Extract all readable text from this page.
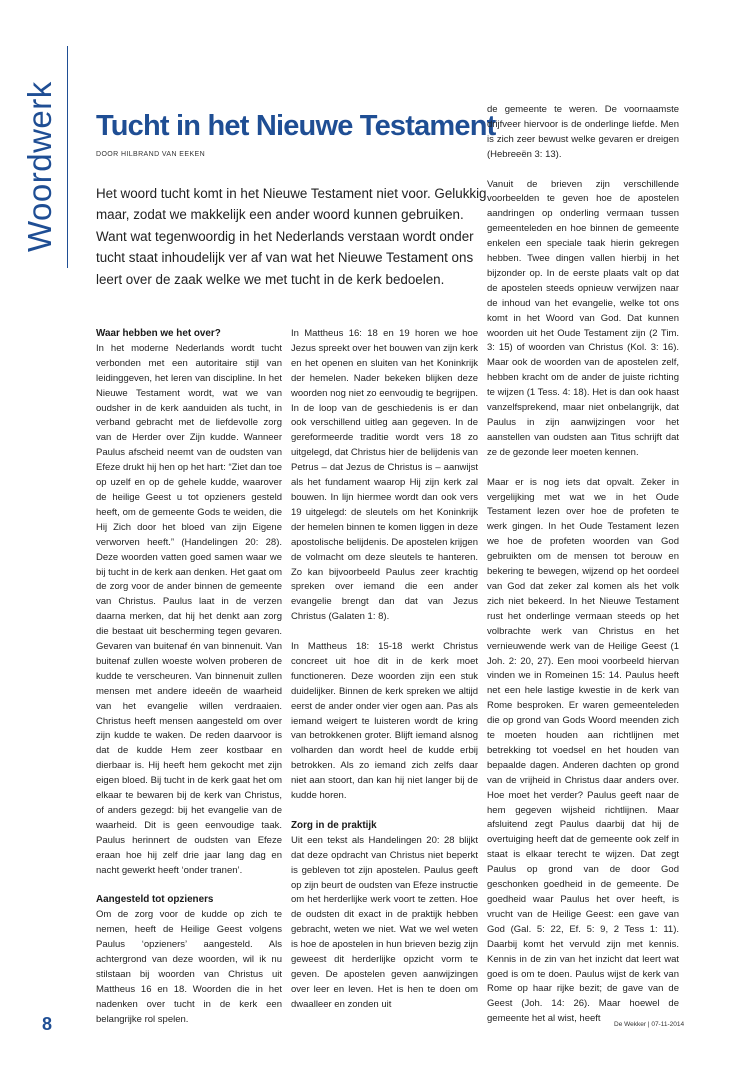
Woordwerk Tucht in het Nieuwe Testament
DOOR HILBRAND VAN EEKEN

Het woord tucht komt in het Nieuwe Testament niet voor. Gelukkig maar, zodat we makkelijk een ander woord kunnen gebruiken. Want wat tegenwoordig in het Nederlands verstaan wordt onder tucht staat inhoudelijk ver af van wat het Nieuwe Testament ons leert over de zaak welke we met tucht in de kerk bedoelen.

Waar hebben we het over?

In het moderne Nederlands wordt tucht verbonden met een autoritaire stijl van leidinggeven, het leren van discipline. In het Nieuwe Testament wordt, wat we van oudsher in de kerk aanduiden als tucht, in verband gebracht met de liefdevolle zorg van de Herder over Zijn kudde. Wanneer Paulus afscheid neemt van de oudsten van Efeze drukt hij hen op het hart: “Ziet dan toe op uzelf en op de gehele kudde, waarover de heilige Geest u tot opzieners gesteld heeft, om de gemeente Gods te weiden, die Hij Zich door het bloed van zijn Eigene verworven heeft.” (Handelingen 20: 28). Deze woorden vatten goed samen waar we bij tucht in de kerk aan denken. Het gaat om de zorg voor de ander binnen de gemeente van Christus. Paulus laat in de verzen daarna merken, dat hij het denkt aan zorg die bestaat uit bescherming tegen gevaren. Gevaren van buitenaf én van binnenuit. Van buitenaf zullen woeste wolven proberen de kudde te verscheuren. Van binnenuit zullen mensen met andere ideeën de waarheid van het evangelie willen verdraaien. Christus heeft mensen aangesteld om over zijn kudde te waken. De reden daarvoor is dat de kudde Hem zeer kostbaar en dierbaar is. Hij heeft hem gekocht met zijn eigen bloed. Bij tucht in de kerk gaat het om elkaar te bewaren bij de kerk van Christus, of anders gezegd: bij het evangelie van de waarheid. Dit is geen eenvoudige taak. Paulus herinnert de oudsten van Efeze eraan hoe hij zelf drie jaar lang dag en nacht gewerkt heeft ‘onder tranen’.

Aangesteld tot opzieners

Om de zorg voor de kudde op zich te nemen, heeft de Heilige Geest volgens Paulus ‘opzieners’ aangesteld. Als achtergrond van deze woorden, wil ik nu stilstaan bij woorden van Christus uit Mattheus 16 en 18. Woorden die in het nadenken over tucht in de kerk een belangrijke rol spelen.

In Mattheus 16: 18 en 19 horen we hoe Jezus spreekt over het bouwen van zijn kerk en het openen en sluiten van het Koninkrijk der hemelen. Nader bekeken blijken deze woorden nog niet zo eenvoudig te begrijpen. In de loop van de geschiedenis is er dan ook verschillend uitleg aan gegeven. In de gereformeerde traditie wordt vers 18 zo uitgelegd, dat Christus hier de belijdenis van Petrus – dat Jezus de Christus is – aanwijst als het fundament waarop Hij zijn kerk zal bouwen. In lijn hiermee wordt dan ook vers 19 uitgelegd: de sleutels om het Koninkrijk der hemelen binnen te komen liggen in deze apostolische belijdenis. De apostelen krijgen de volmacht om deze sleutels te hanteren. Zo kan bijvoorbeeld Paulus zeer krachtig spreken over iemand die een ander evangelie brengt dan dat van Jezus Christus (Galaten 1: 8).

In Mattheus 18: 15-18 werkt Christus concreet uit hoe dit in de kerk moet functioneren. Deze woorden zijn een stuk duidelijker. Binnen de kerk spreken we altijd eerst de ander onder vier ogen aan. Pas als iemand weigert te luisteren wordt de kring van betrokkenen groter. Blijft iemand alsnog volharden dan wordt heel de kudde erbij betrokken. Als zo iemand zich zelfs daar niet aan stoort, dan kan hij niet langer bij de kudde horen.

Zorg in de praktijk

Uit een tekst als Handelingen 20: 28 blijkt dat deze opdracht van Christus niet beperkt is gebleven tot zijn apostelen. Paulus geeft op zijn beurt de oudsten van Efeze instructie om het herderlijke werk voort te zetten. Hoe de oudsten dit exact in de praktijk hebben gebracht, weten we niet. Wat we wel weten is hoe de apostelen in hun brieven bezig zijn geweest dit herderlijke opzicht vorm te geven. De apostelen geven aanwijzingen over leer en leven. Het is hen te doen om dwaalleer en zonden uit

de gemeente te weren. De voornaamste drijfveer hiervoor is de onderlinge liefde. Men is zich zeer bewust welke gevaren er dreigen (Hebreeën 3: 13).

Vanuit de brieven zijn verschillende voorbeelden te geven hoe de apostelen aandringen op onderling vermaan tussen gemeenteleden en hoe binnen de gemeente enkelen een speciale taak hierin gekregen hebben. Twee dingen vallen hierbij in het bijzonder op. In de eerste plaats valt op dat de apostelen steeds opnieuw verwijzen naar de inhoud van het evangelie, welke tot ons komt in het Woord van God. Dat kunnen woorden uit het Oude Testament zijn (2 Tim. 3: 15) of woorden van Christus (Kol. 3: 16). Maar ook de woorden van de apostelen zelf, hebben kracht om de ander de juiste richting te wijzen (1 Tess. 4: 18). Het is dan ook haast vanzelfsprekend, maar niet onbelangrijk, dat Paulus in zijn aanwijzingen voor het aanstellen van oudsten aan Titus schrijft dat ze de gezonde leer moeten kennen.

Maar er is nog iets dat opvalt. Zeker in vergelijking met wat we in het Oude Testament lezen over hoe de profeten te werk gingen. In het Oude Testament lezen we hoe de profeten woorden van God gebruikten om de mensen tot berouw en bekering te bewegen, wijzend op het oordeel van God dat zeker zal komen als het volk zich niet bekeerd. In het Nieuwe Testament rust het onderlinge vermaan steeds op het volbrachte werk van Christus en het vernieuwende werk van de Heilige Geest (1 Joh. 2: 20, 27). Een mooi voorbeeld hiervan vinden we in Romeinen 15: 14. Paulus heeft net een hele lastige kwestie in de kerk van Rome besproken. Er waren gemeenteleden die op grond van Gods Woord meenden zich te moeten houden aan richtlijnen met betrekking tot voedsel en het houden van bepaalde dagen. Anderen dachten op grond van de vrijheid in Christus daar anders over. Hoe moet het verder? Paulus geeft naar de hem gegeven wijsheid richtlijnen. Maar afsluitend zegt Paulus daarbij dat hij de overtuiging heeft dat de gemeente ook zelf in staat is elkaar terecht te wijzen. Dat zegt Paulus op grond van de door God geschonken goedheid in de gemeente. De goedheid waar Paulus het over heeft, is vrucht van de Heilige Geest: een gave van God (Gal. 5: 22, Ef. 5: 9, 2 Tess 1: 11). Daarbij komt het vervuld zijn met kennis. Kennis in de zin van het inzicht dat leert wat goed is om te doen. Paulus wijst de kerk van Rome op haar rijke bezit; de gave van de Geest (Joh. 14: 26). Maar hoewel de gemeente het al wist, heeft

8	De Wekker | 07-11-2014
